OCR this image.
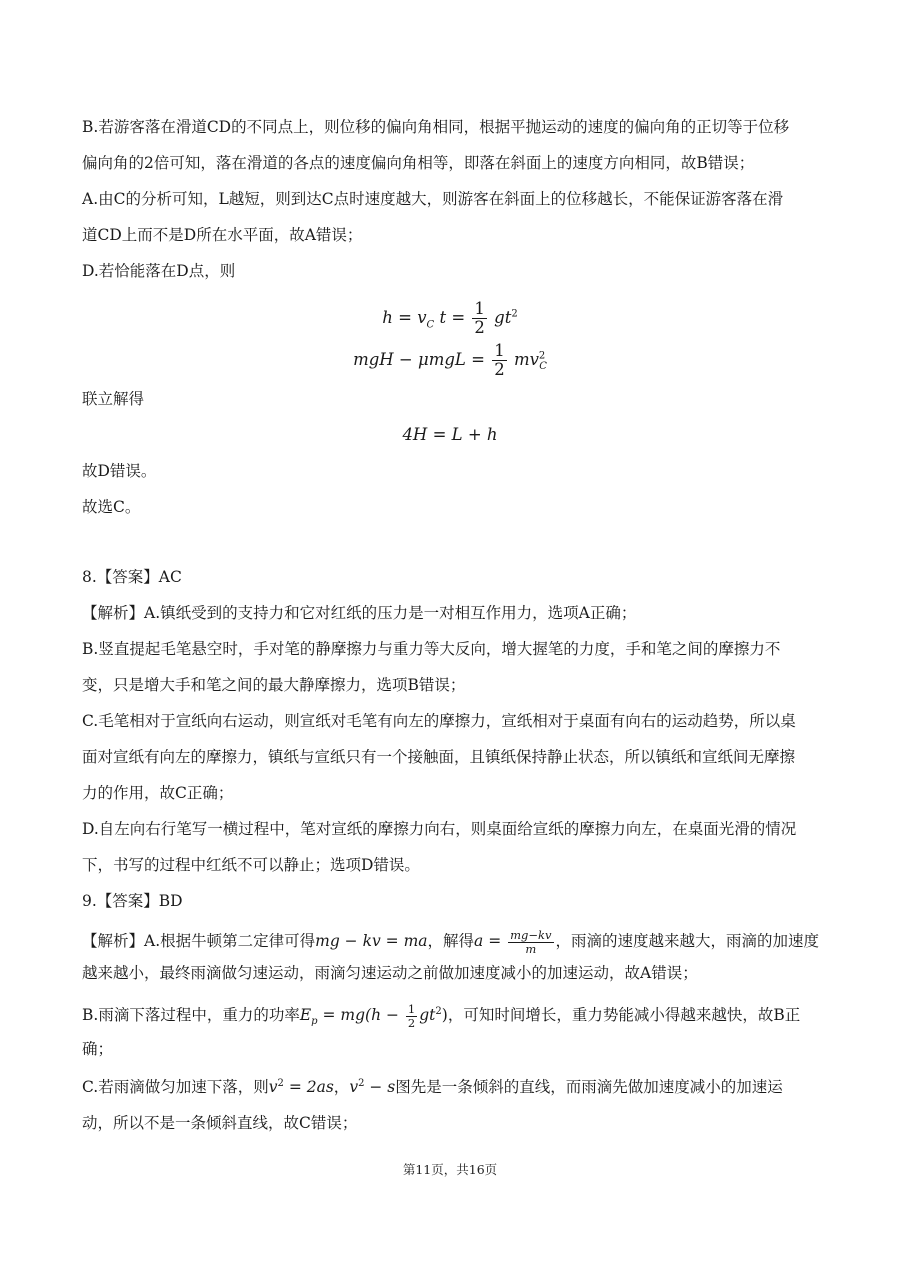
B.若游客落在滑道CD的不同点上，则位移的偏向角相同，根据平抛运动的速度的偏向角的正切等于位移
偏向角的2倍可知，落在滑道的各点的速度偏向角相等，即落在斜面上的速度方向相同，故B错误；
A.由C的分析可知，L越短，则到达C点时速度越大，则游客在斜面上的位移越长，不能保证游客落在滑
道CD上而不是D所在水平面，故A错误；
D.若恰能落在D点，则
$h = v_C$ $t = \frac{1}{2} gt^2$
mgH − $\mu mgL = \frac{1}{2} mv^2_C$
联立解得
4H = L + h
故D错误。
故选C。
8.【答案】AC
【解析】A.镇纸受到的支持力和它对红纸的压力是一对相互作用力，选项A正确；
B.竖直提起毛笔悬空时，手对笔的静摩擦力与重力等大反向，增大握笔的力度，手和笔之间的摩擦力不
变，只是增大手和笔之间的最大静摩擦力，选项B错误；
C.毛笔相对于宣纸向右运动，则宣纸对毛笔有向左的摩擦力，宣纸相对于桌面有向右的运动趋势，所以桌
面对宣纸有向左的摩擦力，镇纸与宣纸只有一个接触面，且镇纸保持静止状态，所以镇纸和宣纸间无摩擦
力的作用，故C正确；
D.自左向右行笔写一横过程中，笔对宣纸的摩擦力向右，则桌面给宣纸的摩擦力向左，在桌面光滑的情况
下，书写的过程中红纸不可以静止；选项D错误。
9.【答案】BD
【解析】A.根据牛顿第二定律可得mg − kv = ma，解得$a = \frac{mg-kv}{m}$ ，雨滴的速度越来越大，雨滴的加速度
越来越小，最终雨滴做匀速运动，雨滴匀速运动之前做加速度减小的加速运动，故A错误；
B.雨滴下落过程中，重力的功率$E_p = mg(h - \frac{1}{2} gt^2)$，可知时间增长，重力势能减小得越来越快，故B正
确；
C.若雨滴做匀加速下落，则$v^2 = 2as$，$v^2 - s$图先是一条倾斜的直线，而雨滴先做加速度减小的加速运
动，所以不是一条倾斜直线，故C错误；
第11页，共16页
